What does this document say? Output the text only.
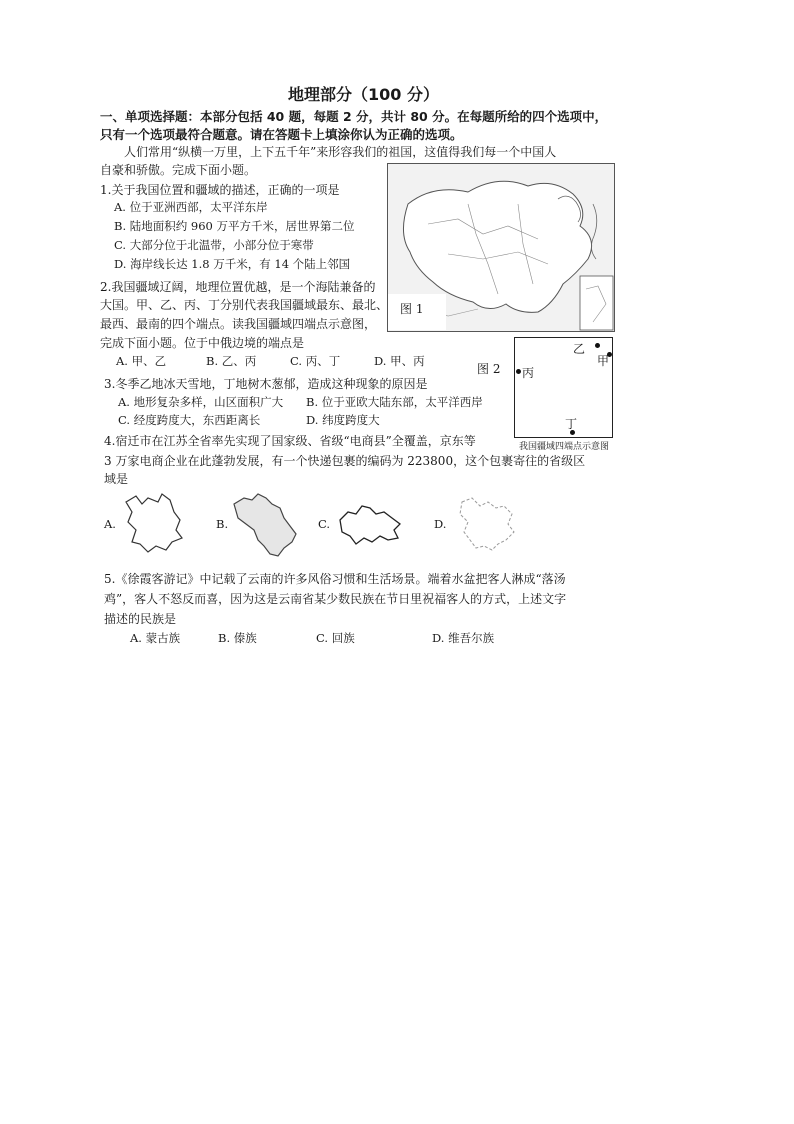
地理部分（100 分）
一、单项选择题：本部分包括 40 题，每题 2 分，共计 80 分。在每题所给的四个选项中，
只有一个选项最符合题意。请在答题卡上填涂你认为正确的选项。
人们常用“纵横一万里，上下五千年”来形容我们的祖国，这值得我们每一个中国人
自豪和骄傲。完成下面小题。
图 1
1.关于我国位置和疆域的描述，正确的一项是
A. 位于亚洲西部，太平洋东岸
B. 陆地面积约 960 万平方千米，居世界第二位
C. 大部分位于北温带，小部分位于寒带
D. 海岸线长达 1.8 万千米，有 14 个陆上邻国
2.我国疆域辽阔，地理位置优越，是一个海陆兼备的
大国。甲、乙、丙、丁分别代表我国疆域最东、最北、
最西、最南的四个端点。读我国疆域四端点示意图，
完成下面小题。位于中俄边境的端点是
A. 甲、乙	B. 乙、丙	C. 丙、丁	D. 甲、丙
图 2
乙
甲
丙
丁
我国疆域四端点示意图
3.冬季乙地冰天雪地，丁地树木葱郁，造成这种现象的原因是
A. 地形复杂多样，山区面积广大 B. 位于亚欧大陆东部，太平洋西岸
C. 经度跨度大，东西距离长	D. 纬度跨度大
4.宿迁市在江苏全省率先实现了国家级、省级“电商县”全覆盖，京东等
3 万家电商企业在此蓬勃发展，有一个快递包裹的编码为 223800，这个包裹寄往的省级区
域是
A.	B.	C.	D.
5.《徐霞客游记》中记载了云南的许多风俗习惯和生活场景。端着水盆把客人淋成“落汤
鸡”，客人不怒反而喜，因为这是云南省某少数民族在节日里祝福客人的方式，上述文字
描述的民族是
A. 蒙古族	B. 傣族	C. 回族	D. 维吾尔族
